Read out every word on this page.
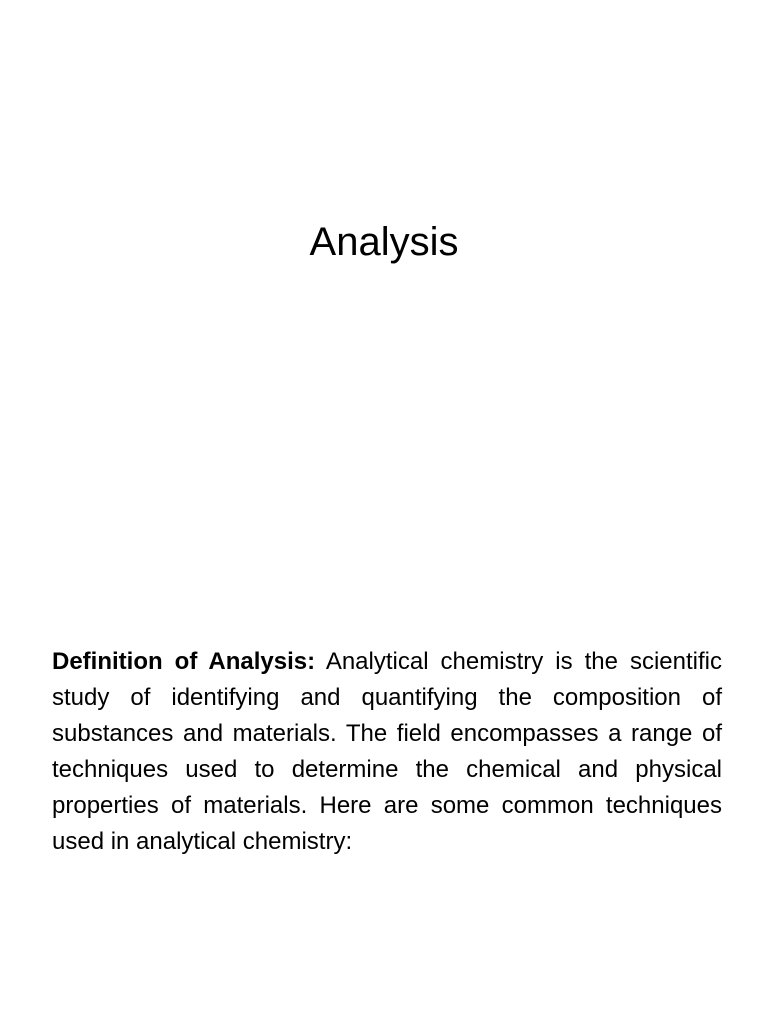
Analysis

Definition of Analysis: Analytical chemistry is the scientific study of identifying and quantifying the composition of substances and materials. The field encompasses a range of techniques used to determine the chemical and physical properties of materials. Here are some common techniques used in analytical chemistry:
